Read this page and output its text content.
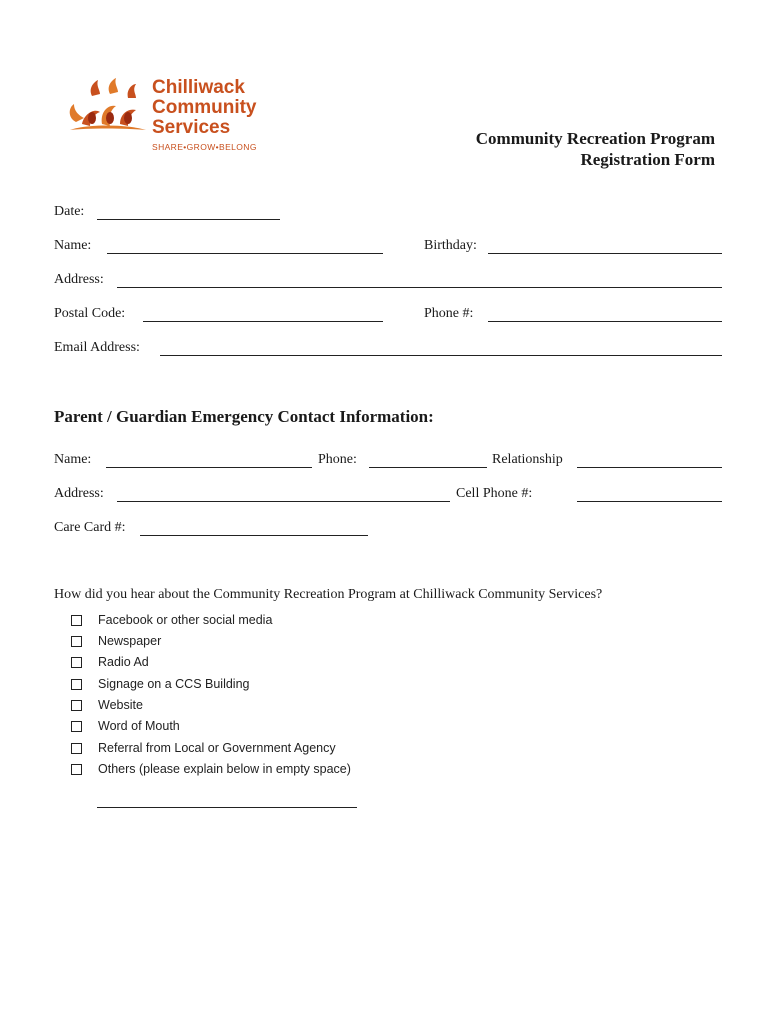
Chilliwack
Community
Services
SHARE•GROW•BELONG	Community Recreation Program
Registration Form
Date:
Name:	Birthday:
Address:
Postal Code:	Phone #:
Email Address:
Parent / Guardian Emergency Contact Information:
Name:	Phone:	Relationship
Address:	Cell Phone #:
Care Card #:
How did you hear about the Community Recreation Program at Chilliwack Community Services?
Facebook or other social media
Newspaper
Radio Ad
Signage on a CCS Building
Website
Word of Mouth
Referral from Local or Government Agency
Others (please explain below in empty space)
